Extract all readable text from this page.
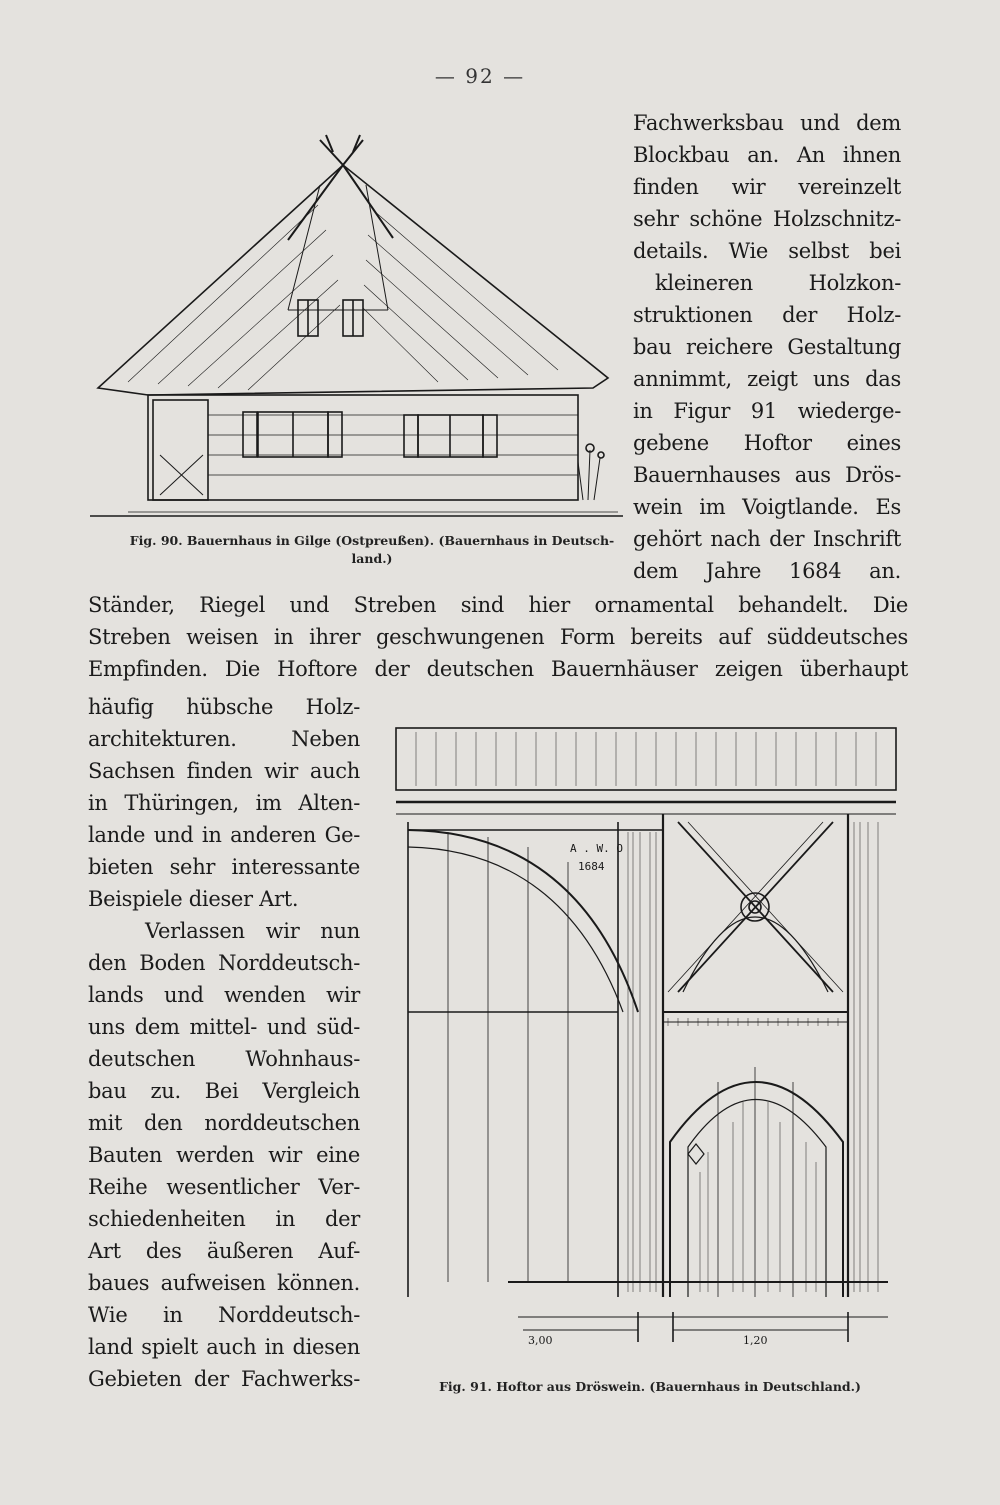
— 92 —
Fig. 90. Bauernhaus in Gilge (Ostpreußen). (Bauernhaus in Deutsch-
land.)
Fachwerksbau und dem
Blockbau an. An ihnen
finden wir vereinzelt
sehr schöne Holzschnitz-
details. Wie selbst bei
kleineren Holzkon-
struktionen der Holz-
bau reichere Gestaltung
annimmt, zeigt uns das
in Figur 91 wiederge-
gebene Hoftor eines
Bauernhauses aus Drös-
wein im Voigtlande. Es
gehört nach der Inschrift
dem Jahre 1684 an.
Ständer, Riegel und Streben sind hier ornamental behandelt. Die
Streben weisen in ihrer geschwungenen Form bereits auf süddeutsches
Empfinden. Die Hoftore der deutschen Bauernhäuser zeigen überhaupt
häufig hübsche Holz-
architekturen. Neben
Sachsen finden wir auch
in Thüringen, im Alten-
lande und in anderen Ge-
bieten sehr interessante
Beispiele dieser Art.
Verlassen wir nun
den Boden Norddeutsch-
lands und wenden wir
uns dem mittel- und süd-
deutschen Wohnhaus-
bau zu. Bei Vergleich
mit den norddeutschen
Bauten werden wir eine
Reihe wesentlicher Ver-
schiedenheiten in der
Art des äußeren Auf-
baues aufweisen können.
Wie in Norddeutsch-
land spielt auch in diesen
Gebieten der Fachwerks-
A . W. O
1684
3,00	1,20
Fig. 91. Hoftor aus Dröswein. (Bauernhaus in Deutschland.)
